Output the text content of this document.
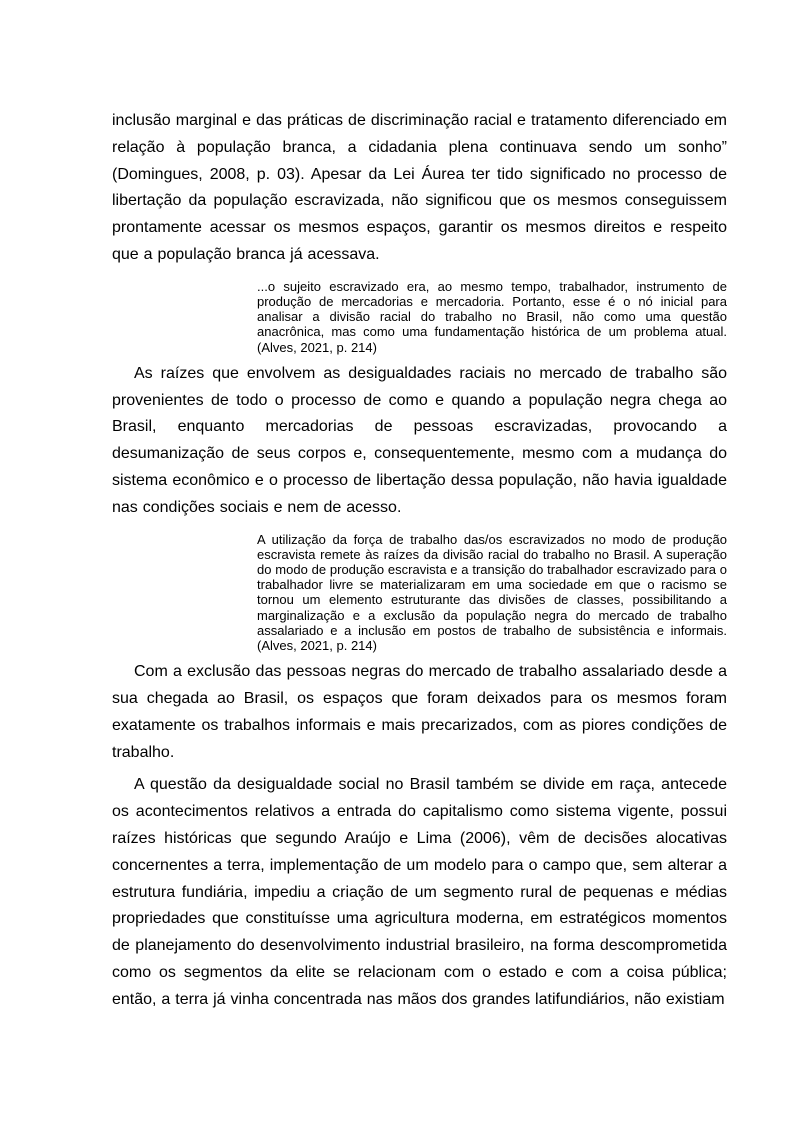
inclusão marginal e das práticas de discriminação racial e tratamento diferenciado em relação à população branca, a cidadania plena continuava sendo um sonho” (Domingues, 2008, p. 03). Apesar da Lei Áurea ter tido significado no processo de libertação da população escravizada, não significou que os mesmos conseguissem prontamente acessar os mesmos espaços, garantir os mesmos direitos e respeito que a população branca já acessava.

...o sujeito escravizado era, ao mesmo tempo, trabalhador, instrumento de produção de mercadorias e mercadoria. Portanto, esse é o nó inicial para analisar a divisão racial do trabalho no Brasil, não como uma questão anacrônica, mas como uma fundamentação histórica de um problema atual. (Alves, 2021, p. 214)

As raízes que envolvem as desigualdades raciais no mercado de trabalho são provenientes de todo o processo de como e quando a população negra chega ao Brasil, enquanto mercadorias de pessoas escravizadas, provocando a desumanização de seus corpos e, consequentemente, mesmo com a mudança do sistema econômico e o processo de libertação dessa população, não havia igualdade nas condições sociais e nem de acesso.

A utilização da força de trabalho das/os escravizados no modo de produção escravista remete às raízes da divisão racial do trabalho no Brasil. A superação do modo de produção escravista e a transição do trabalhador escravizado para o trabalhador livre se materializaram em uma sociedade em que o racismo se tornou um elemento estruturante das divisões de classes, possibilitando a marginalização e a exclusão da população negra do mercado de trabalho assalariado e a inclusão em postos de trabalho de subsistência e informais. (Alves, 2021, p. 214)

Com a exclusão das pessoas negras do mercado de trabalho assalariado desde a sua chegada ao Brasil, os espaços que foram deixados para os mesmos foram exatamente os trabalhos informais e mais precarizados, com as piores condições de trabalho.

A questão da desigualdade social no Brasil também se divide em raça, antecede os acontecimentos relativos a entrada do capitalismo como sistema vigente, possui raízes históricas que segundo Araújo e Lima (2006), vêm de decisões alocativas concernentes a terra, implementação de um modelo para o campo que, sem alterar a estrutura fundiária, impediu a criação de um segmento rural de pequenas e médias propriedades que constituísse uma agricultura moderna, em estratégicos momentos de planejamento do desenvolvimento industrial brasileiro, na forma descomprometida como os segmentos da elite se relacionam com o estado e com a coisa pública; então, a terra já vinha concentrada nas mãos dos grandes latifundiários, não existiam
